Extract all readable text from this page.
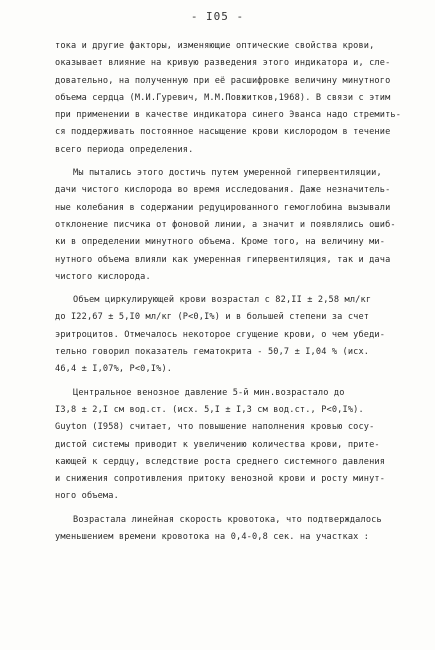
- I05 -
тока и другие факторы, изменяющие оптические свойства крови,
оказывает влияние на кривую разведения этого индикатора и, сле-
довательно, на полученную при её расшифровке величину минутного
объема сердца (М.И.Гуревич, М.М.Повжитков,1968). В связи с этим
при применении в качестве индикатора синего Эванса надо стремить-
ся поддерживать постоянное насыщение крови кислородом в течение
всего периода определения.
Мы пытались этого достичь путем умеренной гипервентиляции,
дачи чистого кислорода во время исследования. Даже незначитель-
ные колебания в содержании редуцированного гемоглобина вызывали
отклонение писчика от фоновой линии, а значит и появлялись ошиб-
ки в определении минутного объема. Кроме того, на величину ми-
нутного объема влияли как умеренная гипервентиляция, так и дача
чистого кислорода.
Объем циркулирующей крови возрастал с 82,II ± 2,58 мл/кг
до I22,67 ± 5,I0 мл/кг (P<0,I%) и в большей степени за счет
эритроцитов. Отмечалось некоторое сгущение крови, о чем убеди-
тельно говорил показатель гематокрита - 50,7 ± I,04 % (исх.
46,4 ± I,07%, P<0,I%).
Центральное венозное давление 5-й мин.возрастало до
I3,8 ± 2,I см вод.ст. (исх. 5,I ± I,3 см вод.ст., P<0,I%).
Guyton (I958) считает, что повышение наполнения кровью сосу-
дистой системы приводит к увеличению количества крови, прите-
кающей к сердцу, вследствие роста среднего системного давления
и снижения сопротивления притоку венозной крови и росту минут-
ного объема.
Возрастала линейная скорость кровотока, что подтверждалось
уменьшением времени кровотока на 0,4-0,8 сек. на участках :
